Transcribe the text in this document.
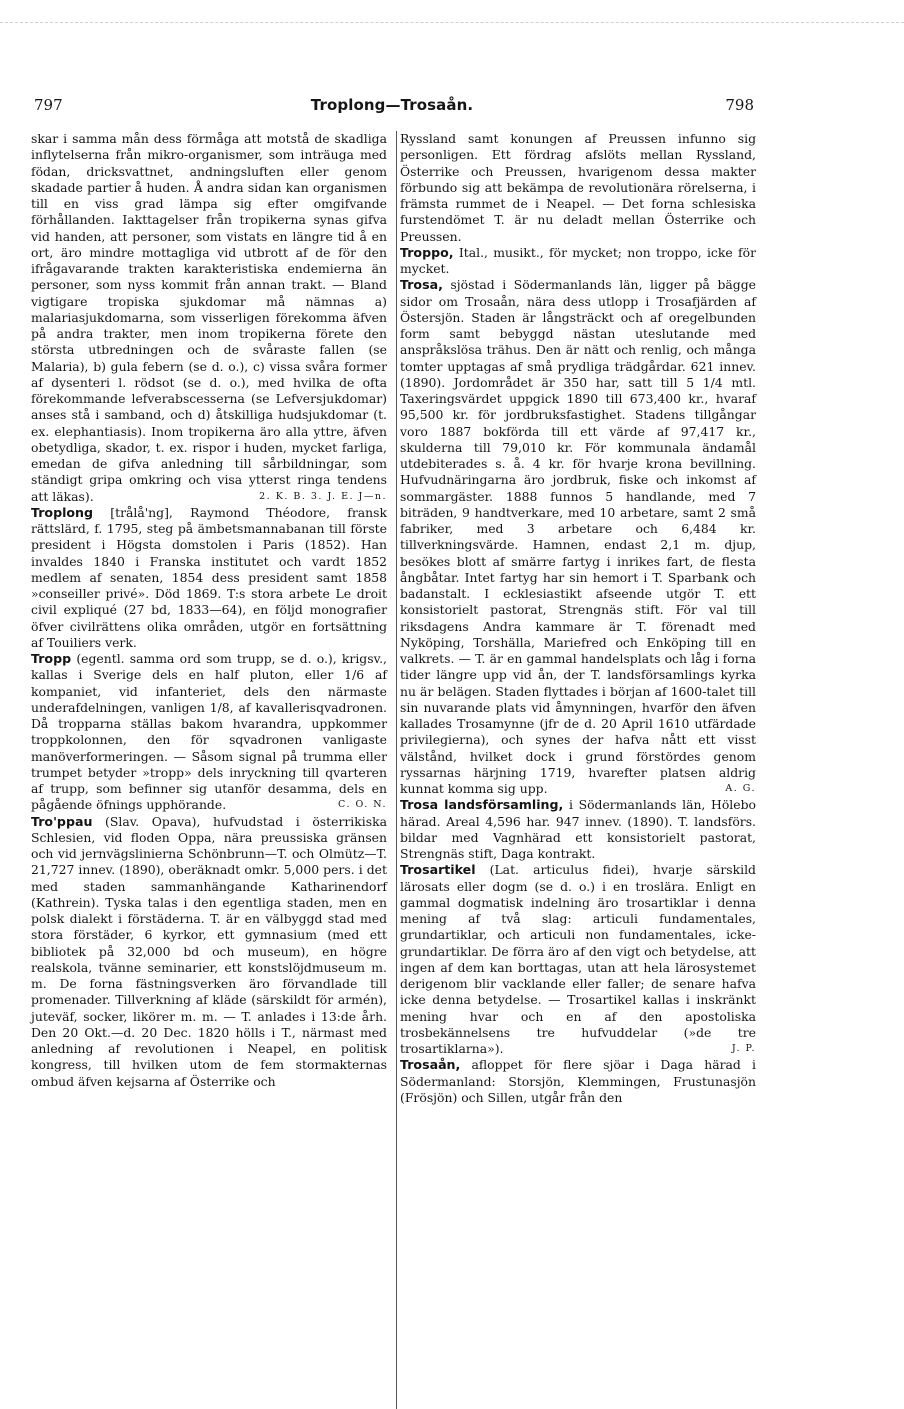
797	Troplong—Trosaån.	798

skar i samma mån dess förmåga att motstå de skadliga inflytelserna från mikro-organismer, som inträuga med födan, dricksvattnet, andningsluften eller genom skadade partier å huden. Å andra sidan kan organismen till en viss grad lämpa sig efter omgifvande förhållanden. Iakttagelser från tropikerna synas gifva vid handen, att personer, som vistats en längre tid å en ort, äro mindre mottagliga vid utbrott af de för den ifrågavarande trakten karakteristiska endemierna än personer, som nyss kommit från annan trakt. — Bland vigtigare tropiska sjukdomar må nämnas a) malariasjukdomarna, som visserligen förekomma äfven på andra trakter, men inom tropikerna förete den största utbredningen och de svåraste fallen (se Malaria), b) gula febern (se d. o.), c) vissa svåra former af dysenteri l. rödsot (se d. o.), med hvilka de ofta förekommande lefverabscesserna (se Lefversjukdomar) anses stå i samband, och d) åtskilliga hudsjukdomar (t. ex. elephantiasis). Inom tropikerna äro alla yttre, äfven obetydliga, skador, t. ex. rispor i huden, mycket farliga, emedan de gifva anledning till sårbildningar, som ständigt gripa omkring och visa ytterst ringa tendens att läkas).	2. K. B. 3. J. E. J—n.

Troplong [trålå'ng], Raymond Théodore, fransk rättslärd, f. 1795, steg på ämbetsmannabanan till förste president i Högsta domstolen i Paris (1852). Han invaldes 1840 i Franska institutet och vardt 1852 medlem af senaten, 1854 dess president samt 1858 »conseiller privé». Död 1869. T:s stora arbete Le droit civil expliqué (27 bd, 1833—64), en följd monografier öfver civilrättens olika områden, utgör en fortsättning af Touiliers verk.

Tropp (egentl. samma ord som trupp, se d. o.), krigsv., kallas i Sverige dels en half pluton, eller 1/6 af kompaniet, vid infanteriet, dels den närmaste underafdelningen, vanligen 1/8, af kavallerisqvadronen. Då tropparna ställas bakom hvarandra, uppkommer troppkolonnen, den för sqvadronen vanligaste manöverformeringen. — Såsom signal på trumma eller trumpet betyder »tropp» dels inryckning till qvarteren af trupp, som befinner sig utanför desamma, dels en pågående öfnings upphörande.	C. O. N.

Tro'ppau (Slav. Opava), hufvudstad i österrikiska Schlesien, vid floden Oppa, nära preussiska gränsen och vid jernvägslinierna Schönbrunn—T. och Olmütz—T. 21,727 innev. (1890), oberäknadt omkr. 5,000 pers. i det med staden sammanhängande Katharinendorf (Kathrein). Tyska talas i den egentliga staden, men en polsk dialekt i förstäderna. T. är en välbyggd stad med stora förstäder, 6 kyrkor, ett gymnasium (med ett bibliotek på 32,000 bd och museum), en högre realskola, tvänne seminarier, ett konstslöjdmuseum m. m. De forna fästningsverken äro förvandlade till promenader. Tillverkning af kläde (särskildt för armén), juteväf, socker, likörer m. m. — T. anlades i 13:de årh. Den 20 Okt.—d. 20 Dec. 1820 hölls i T., närmast med anledning af revolutionen i Neapel, en politisk kongress, till hvilken utom de fem stormakternas ombud äfven kejsarna af Österrike och

Ryssland samt konungen af Preussen infunno sig personligen. Ett fördrag afslöts mellan Ryssland, Österrike och Preussen, hvarigenom dessa makter förbundo sig att bekämpa de revolutionära rörelserna, i främsta rummet de i Neapel. — Det forna schlesiska furstendömet T. är nu deladt mellan Österrike och Preussen.

Troppo, Ital., musikt., för mycket; non troppo, icke för mycket.

Trosa, sjöstad i Södermanlands län, ligger på bägge sidor om Trosaån, nära dess utlopp i Trosafjärden af Östersjön. Staden är långsträckt och af oregelbunden form samt bebyggd nästan uteslutande med anspråkslösa trähus. Den är nätt och renlig, och många tomter upptagas af små prydliga trädgårdar. 621 innev. (1890). Jordområdet är 350 har, satt till 5 1/4 mtl. Taxeringsvärdet uppgick 1890 till 673,400 kr., hvaraf 95,500 kr. för jordbruksfastighet. Stadens tillgångar voro 1887 bokförda till ett värde af 97,417 kr., skulderna till 79,010 kr. För kommunala ändamål utdebiterades s. å. 4 kr. för hvarje krona bevillning. Hufvudnäringarna äro jordbruk, fiske och inkomst af sommargäster. 1888 funnos 5 handlande, med 7 biträden, 9 handtverkare, med 10 arbetare, samt 2 små fabriker, med 3 arbetare och 6,484 kr. tillverkningsvärde. Hamnen, endast 2,1 m. djup, besökes blott af smärre fartyg i inrikes fart, de flesta ångbåtar. Intet fartyg har sin hemort i T. Sparbank och badanstalt. I ecklesiastikt afseende utgör T. ett konsistorielt pastorat, Strengnäs stift. För val till riksdagens Andra kammare är T. förenadt med Nyköping, Torshälla, Mariefred och Enköping till en valkrets. — T. är en gammal handelsplats och låg i forna tider längre upp vid ån, der T. landsförsamlings kyrka nu är belägen. Staden flyttades i början af 1600-talet till sin nuvarande plats vid åmynningen, hvarför den äfven kallades Trosamynne (jfr de d. 20 April 1610 utfärdade privilegierna), och synes der hafva nått ett visst välstånd, hvilket dock i grund förstördes genom ryssarnas härjning 1719, hvarefter platsen aldrig kunnat komma sig upp.	A. G.

Trosa landsförsamling, i Södermanlands län, Hölebo härad. Areal 4,596 har. 947 innev. (1890). T. landsförs. bildar med Vagnhärad ett konsistorielt pastorat, Strengnäs stift, Daga kontrakt.

Trosartikel (Lat. articulus fidei), hvarje särskild lärosats eller dogm (se d. o.) i en troslära. Enligt en gammal dogmatisk indelning äro trosartiklar i denna mening af två slag: articuli fundamentales, grundartiklar, och articuli non fundamentales, icke-grundartiklar. De förra äro af den vigt och betydelse, att ingen af dem kan borttagas, utan att hela lärosystemet derigenom blir vacklande eller faller; de senare hafva icke denna betydelse. — Trosartikel kallas i inskränkt mening hvar och en af den apostoliska trosbekännelsens tre hufvuddelar (»de tre trosartiklarna»).	J. P.

Trosaån, afloppet för flere sjöar i Daga härad i Södermanland: Storsjön, Klemmingen, Frustunasjön (Frösjön) och Sillen, utgår från den
